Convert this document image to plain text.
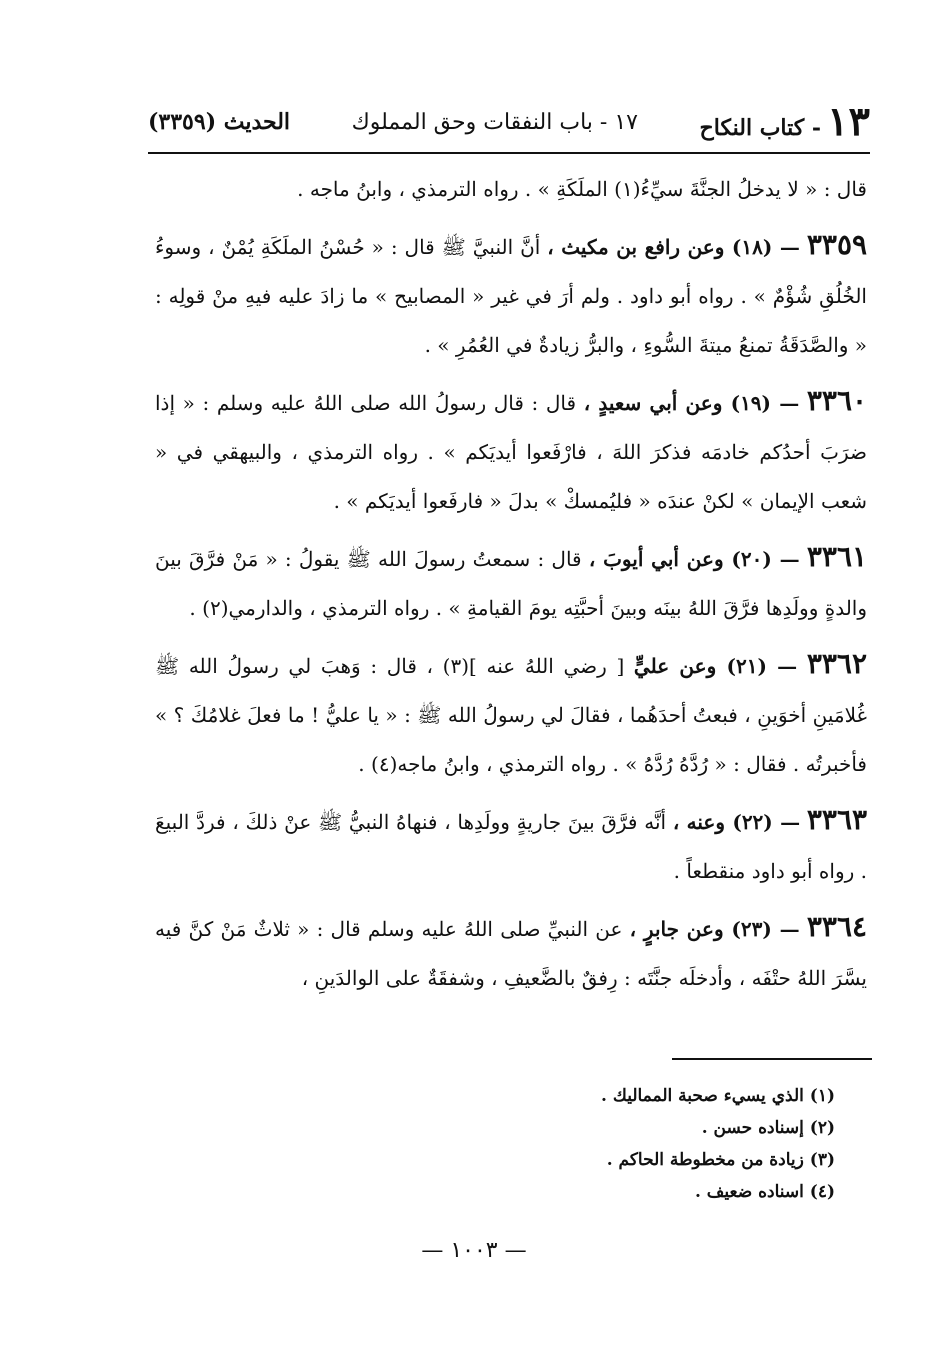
١٣
- كتاب النكاح
١٧ - باب النفقات وحق المملوك
الحديث (٣٣٥٩)

قال : « لا يدخلُ الجنَّةَ سيِّءُ(١) الملَكَةِ » . رواه الترمذي ، وابنُ ماجه .

٣٣٥٩ — (١٨) وعن رافع بن مكيث ، أنَّ النبيَّ ﷺ قال : « حُسْنُ الملَكَةِ يُمْنٌ ، وسوءُ الخُلُقِ شُؤْمٌ » . رواه أبو داود . ولم أرَ في غير « المصابيح » ما زادَ عليه فيهِ منْ قولِه : « والصَّدَقَةُ تمنعُ ميتةَ السُّوءِ ، والبرُّ زيادةٌ في العُمُرِ » .

٣٣٦٠ — (١٩) وعن أبي سعيدٍ ، قال : قال رسولُ الله صلى اللهُ عليه وسلم : « إذا ضرَبَ أحدُكم خادمَه فذكرَ اللهَ ، فارْفَعوا أيديَكم » . رواه الترمذي ، والبيهقي في « شعب الإيمان » لكنْ عندَه « فليُمسكْ » بدلَ « فارفَعوا أيديَكم » .

٣٣٦١ — (٢٠) وعن أبي أيوبَ ، قال : سمعتُ رسولَ الله ﷺ يقولُ : « مَنْ فرَّقَ بينَ والدةٍ وولَدِها فرَّقَ اللهُ بينَه وبينَ أحبَّتِه يومَ القيامةِ » . رواه الترمذي ، والدارمي(٢) .

٣٣٦٢ — (٢١) وعن عليٍّ [ رضي اللهُ عنه ](٣) ، قال : وَهبَ لي رسولُ الله ﷺ غُلامَينِ أخوَينِ ، فبعتُ أحدَهُما ، فقالَ لي رسولُ الله ﷺ : « يا عليُّ ! ما فعلَ غلامُكَ ؟ » فأخبرتُه . فقال : « رُدَّهُ رُدَّهُ » . رواه الترمذي ، وابنُ ماجه(٤) .

٣٣٦٣ — (٢٢) وعنه ، أنَّه فرَّقَ بينَ جاريةٍ وولَدِها ، فنهاهُ النبيُّ ﷺ عنْ ذلكَ ، فردَّ البيعَ . رواه أبو داود منقطعاً .

٣٣٦٤ — (٢٣) وعن جابرٍ ، عن النبيِّ صلى اللهُ عليه وسلم قال : « ثلاثٌ مَنْ كنَّ فيه يسَّرَ اللهُ حتْفَه ، وأدخلَه جنَّتَه : رِفقٌ بالضَّعيفِ ، وشفقَةٌ على الوالدَينِ ،

(١) الذي يسيء صحبة المماليك .
(٢) إسناده حسن .
(٣) زيادة من مخطوطة الحاكم .
(٤) اسناده ضعيف .
— ١٠٠٣ —
